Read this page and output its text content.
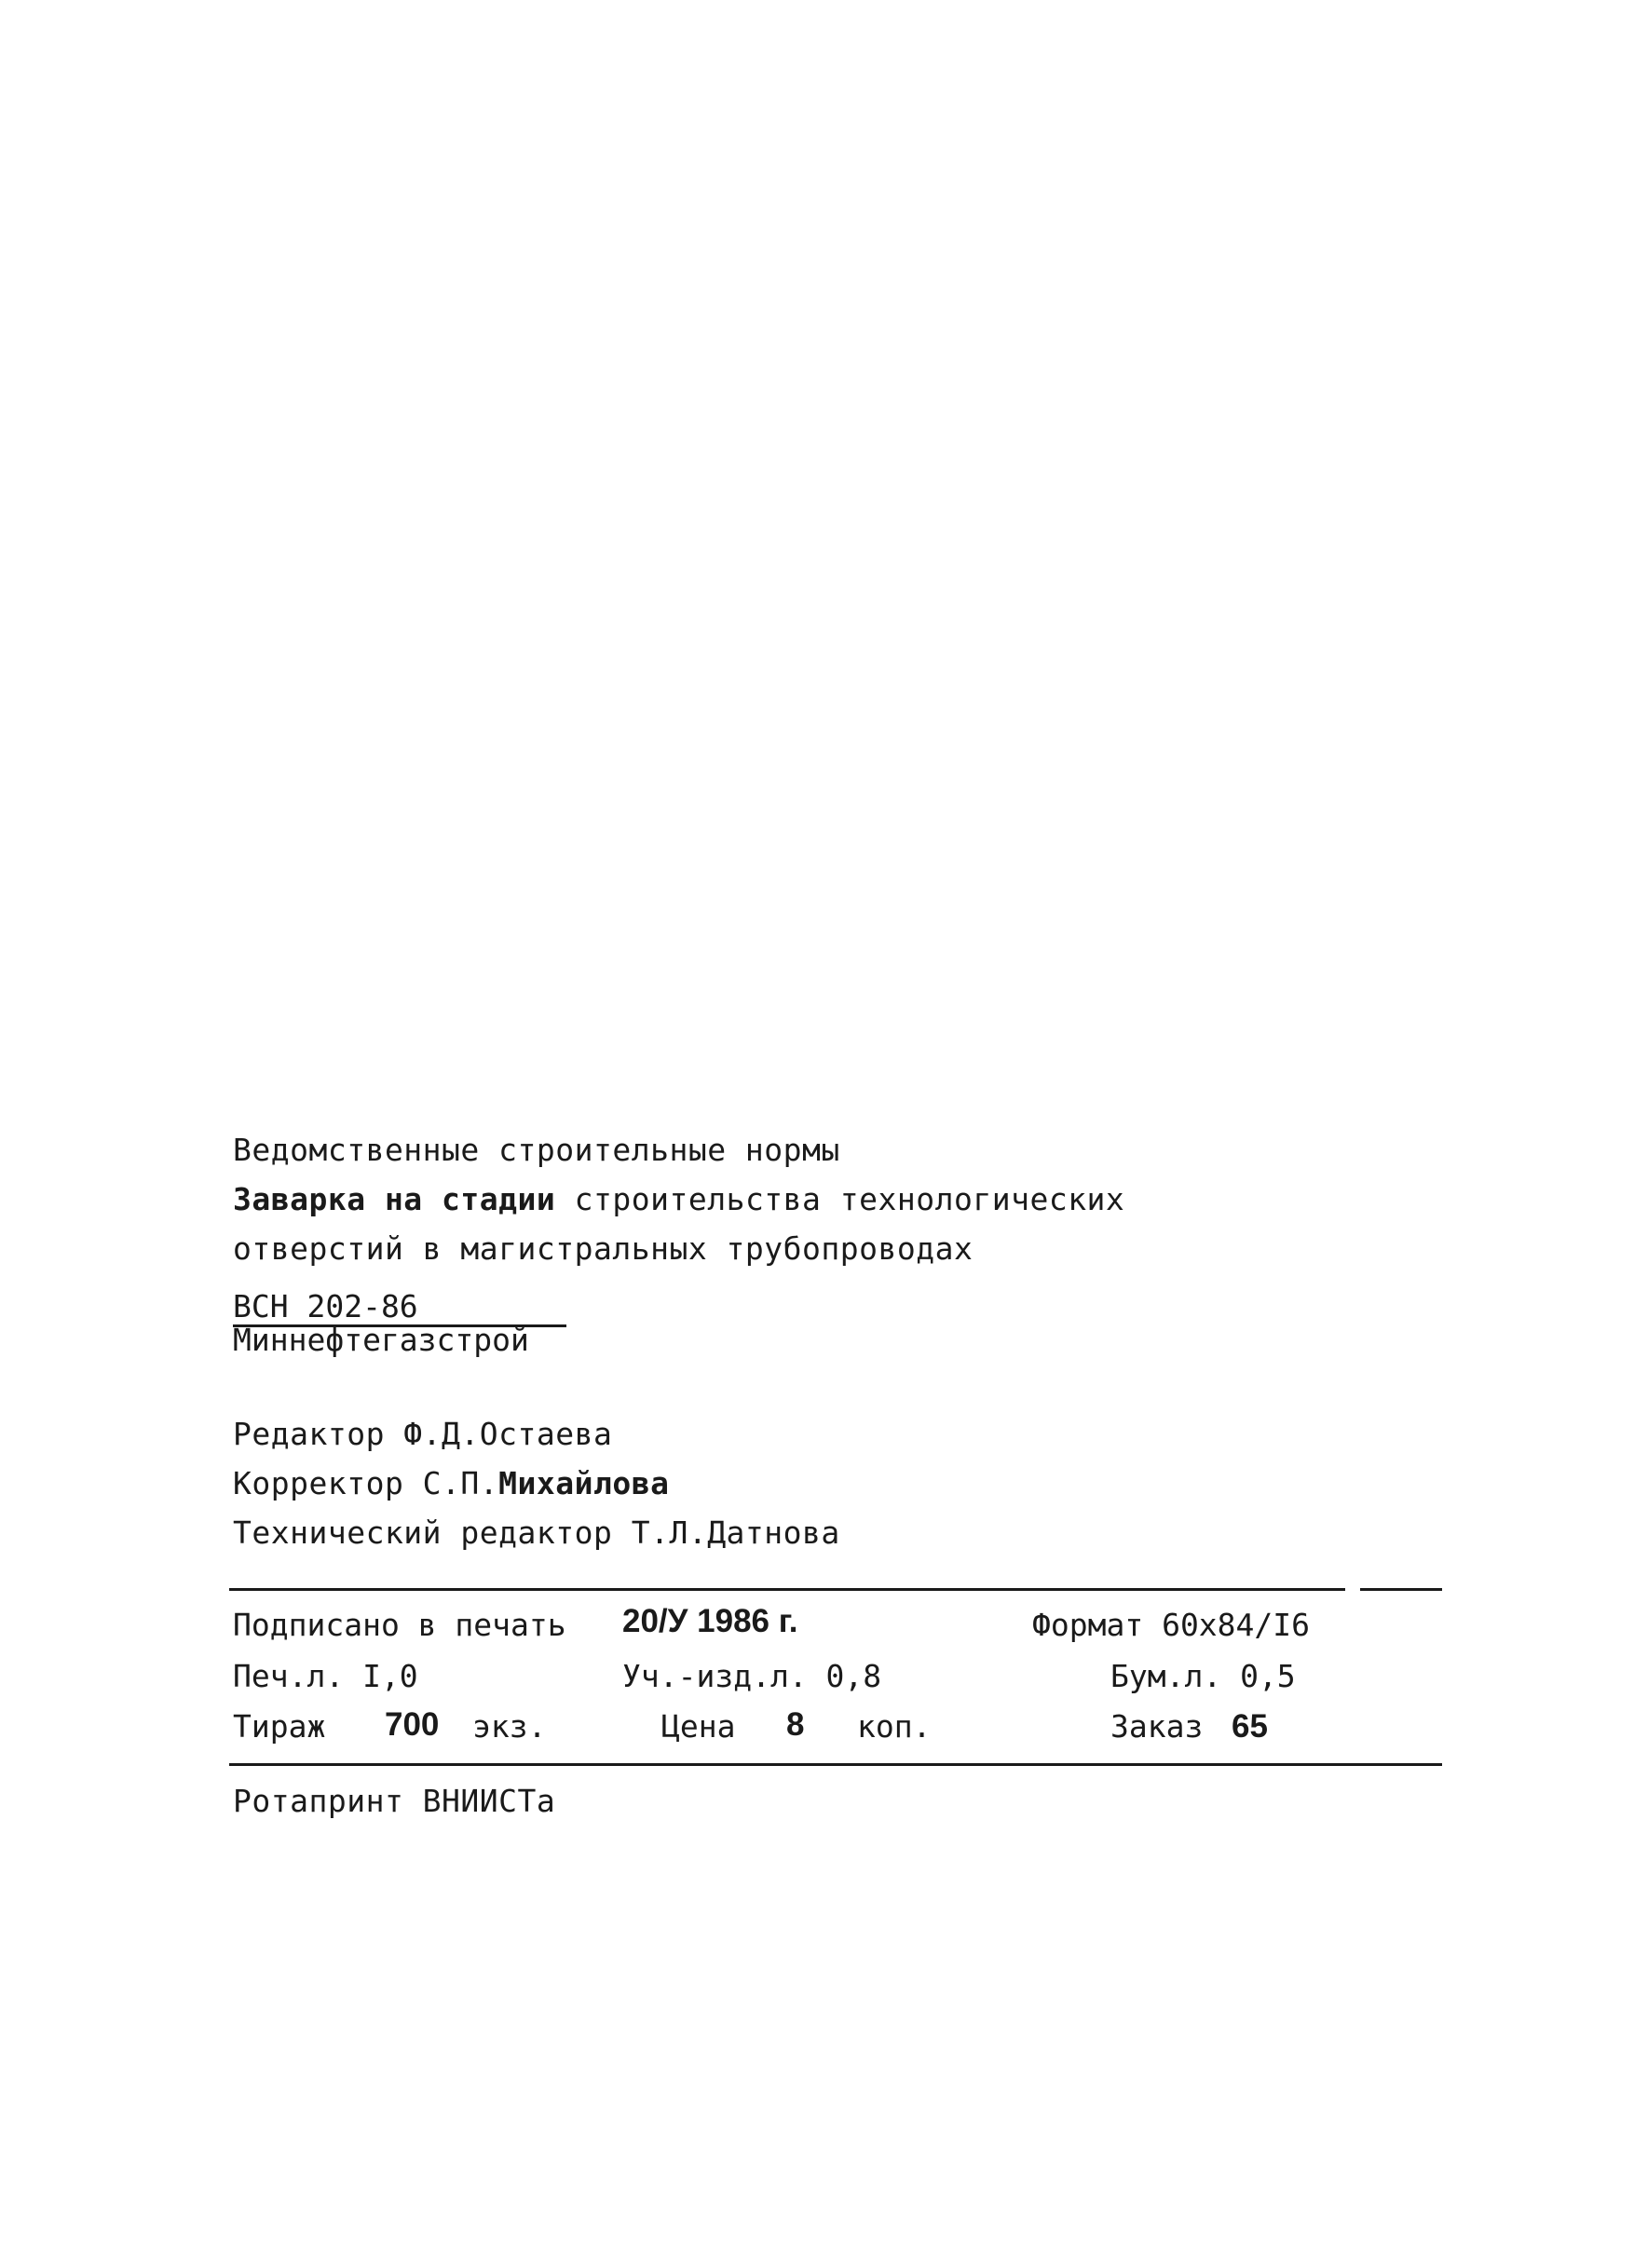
Ведомственные строительные нормы
Заварка на стадии строительства технологических
отверстий в магистральных трубопроводах
ВСН 202-86
Миннефтегазстрой
Редактор Ф.Д.Остаева
Корректор С.П.Михайлова
Технический редактор Т.Л.Датнова
Подписано в печать 20/У 1986 г.	Формат 60х84/I6
Печ.л. I,0	Уч.-изд.л. 0,8	Бум.л. 0,5
Тираж 700 экз.	Цена 8 коп.	Заказ 65
Ротапринт ВНИИСТа
